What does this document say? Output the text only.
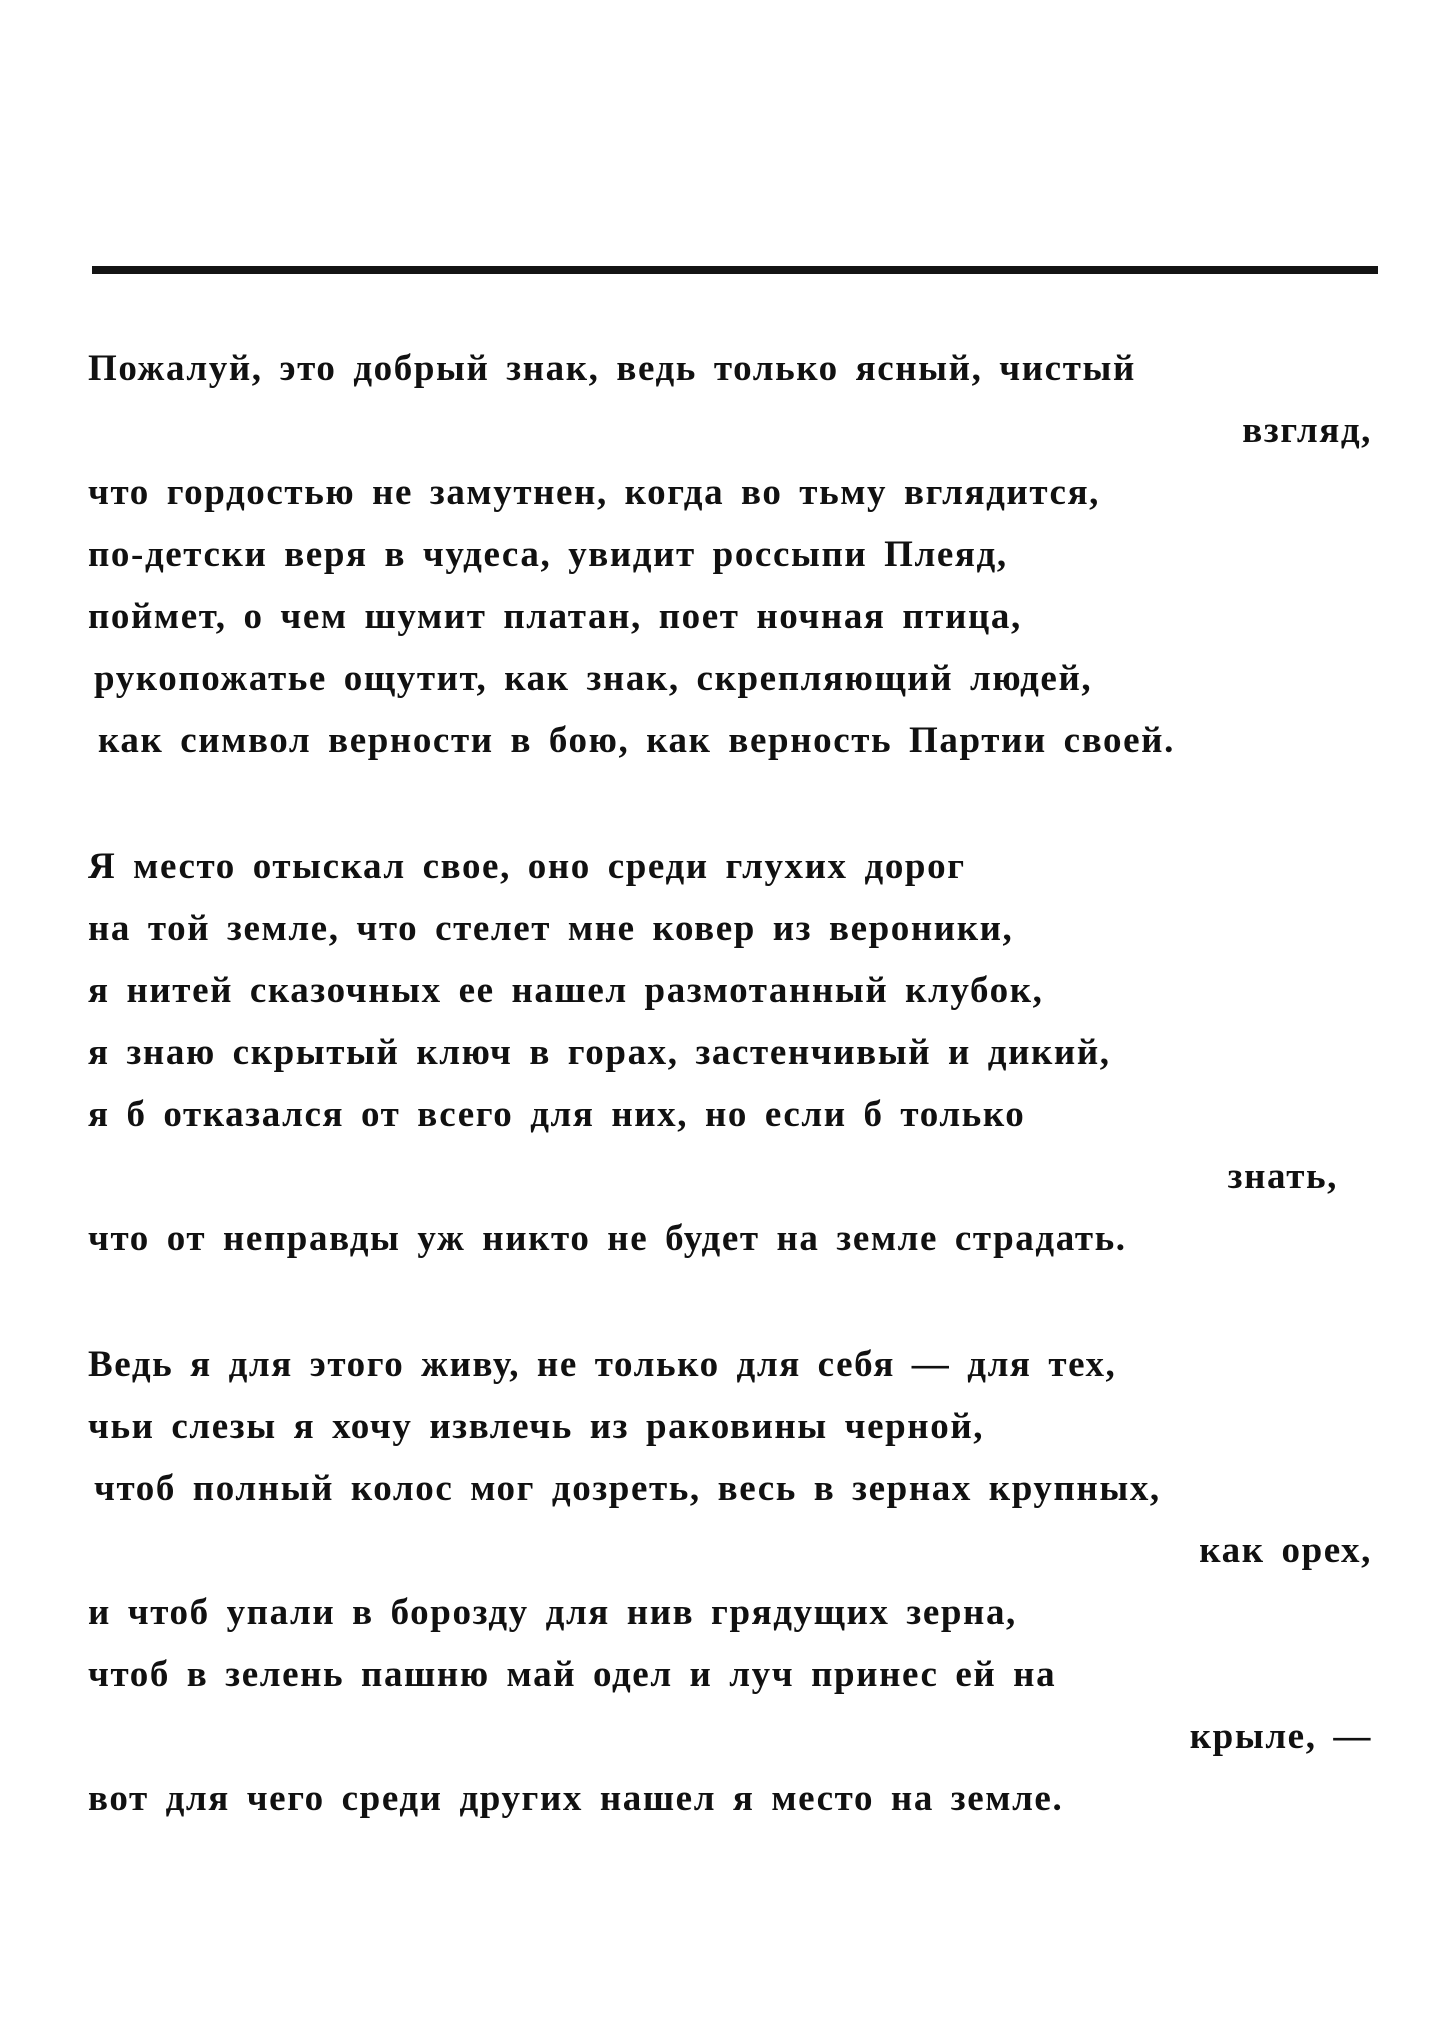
Пожалуй, это добрый знак, ведь только ясный, чистый
взгляд,
что гордостью не замутнен, когда во тьму вглядится,
по-детски веря в чудеса, увидит россыпи Плеяд,
поймет, о чем шумит платан, поет ночная птица,
рукопожатье ощутит, как знак, скрепляющий людей,
как символ верности в бою, как верность Партии своей.
Я место отыскал свое, оно среди глухих дорог
на той земле, что стелет мне ковер из вероники,
я нитей сказочных ее нашел размотанный клубок,
я знаю скрытый ключ в горах, застенчивый и дикий,
я б отказался от всего для них, но если б только
знать,
что от неправды уж никто не будет на земле страдать.
Ведь я для этого живу, не только для себя — для тех,
чьи слезы я хочу извлечь из раковины черной,
чтоб полный колос мог дозреть, весь в зернах крупных,
как орех,
и чтоб упали в борозду для нив грядущих зерна,
чтоб в зелень пашню май одел и луч принес ей на
крыле, —
вот для чего среди других нашел я место на земле.
